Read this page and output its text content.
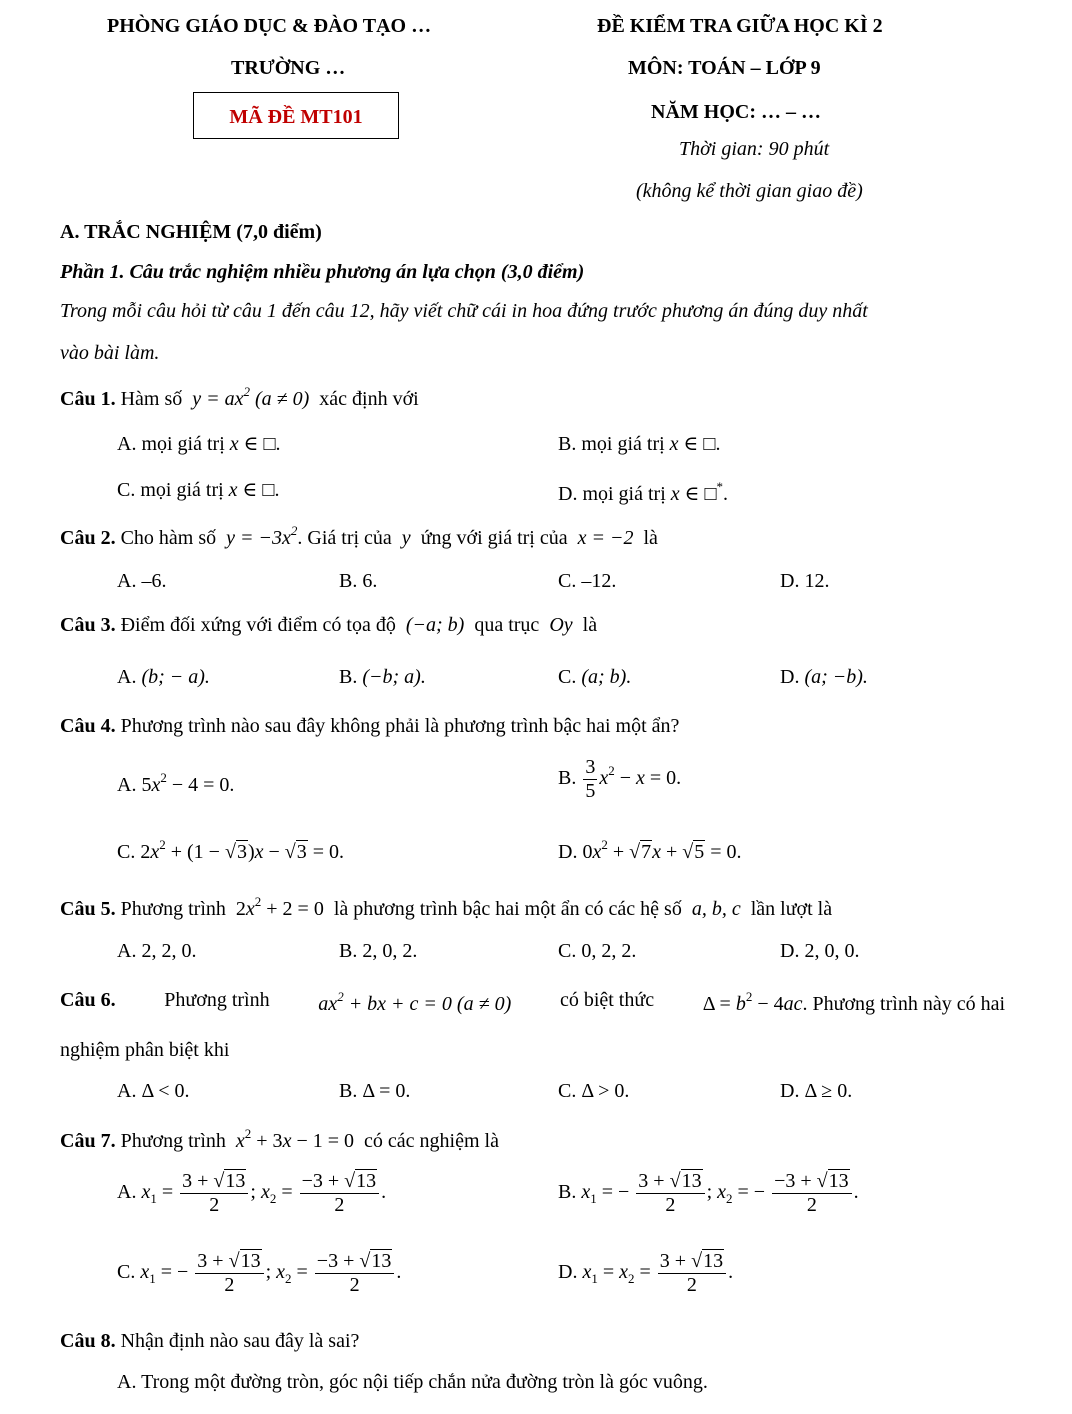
PHÒNG GIÁO DỤC & ĐÀO TẠO …
TRƯỜNG …
MÃ ĐỀ MT101
ĐỀ KIỂM TRA GIỮA HỌC KÌ 2
MÔN: TOÁN – LỚP 9
NĂM HỌC: … – …
Thời gian: 90 phút
(không kể thời gian giao đề)
A. TRẮC NGHIỆM (7,0 điểm)
Phần 1. Câu trắc nghiệm nhiều phương án lựa chọn (3,0 điểm)
Trong mỗi câu hỏi từ câu 1 đến câu 12, hãy viết chữ cái in hoa đứng trước phương án đúng duy nhất
vào bài làm.
Câu 1. Hàm số  $y = ax^2$ (a ≠ 0)  xác định với
A. mọi giá trị x ∈ □.	B. mọi giá trị x ∈ □.
C. mọi giá trị x ∈ □.	D. mọi giá trị x ∈ □*.
Câu 2. Cho hàm số  $y = -3x^2$. Giá trị của  y  ứng với giá trị của  x = −2  là
A. –6.	B. 6.	C. –12.	D. 12.
Câu 3. Điểm đối xứng với điểm có tọa độ  (−a; b)  qua trục  Oy  là
A. (b; − a).	B. (−b; a).	C. (a; b).	D. (a; −b).
Câu 4. Phương trình nào sau đây không phải là phương trình bậc hai một ẩn?
A. $5x^2 - 4 = 0$.	B. $\frac{3}{5} x^2 - x = 0$.
C. $2x^2 + (1 - √3)x - √3 = 0$.	D. $0x^2 + √7x + √5 = 0$.
Câu 5. Phương trình  $2x^2 + 2 = 0$  là phương trình bậc hai một ẩn có các hệ số  a, b, c  lần lượt là
A. 2, 2, 0.	B. 2, 0, 2.	C. 0, 2, 2.	D. 2, 0, 0.
Câu 6. Phương trình $ax^2$ + bx + c = 0 (a ≠ 0) có biệt thức $\Delta = b^2 - 4ac$. Phương trình này có hai
nghiệm phân biệt khi
A. Δ < 0.	B. Δ = 0.	C. Δ > 0.	D. Δ ≥ 0.
Câu 7. Phương trình $x^2 + 3x - 1 = 0$  có các nghiệm là
A. $x_1 = \frac{3 + √13}{2}$ ; $x_2 = \frac{-3 + √13}{2}$ .	B. $x_1$ = − $\frac{3 + √13}{2}$ ; $x_2$ = − $\frac{-3 + √13}{2}$ .
C. $x_1$ = − $\frac{3 + √13}{2}$ ; $x_2 = \frac{-3 + √13}{2}$ .	D. $x_1 = x_2 = \frac{3 + √13}{2}$ .
Câu 8. Nhận định nào sau đây là sai?
A. Trong một đường tròn, góc nội tiếp chắn nửa đường tròn là góc vuông.
